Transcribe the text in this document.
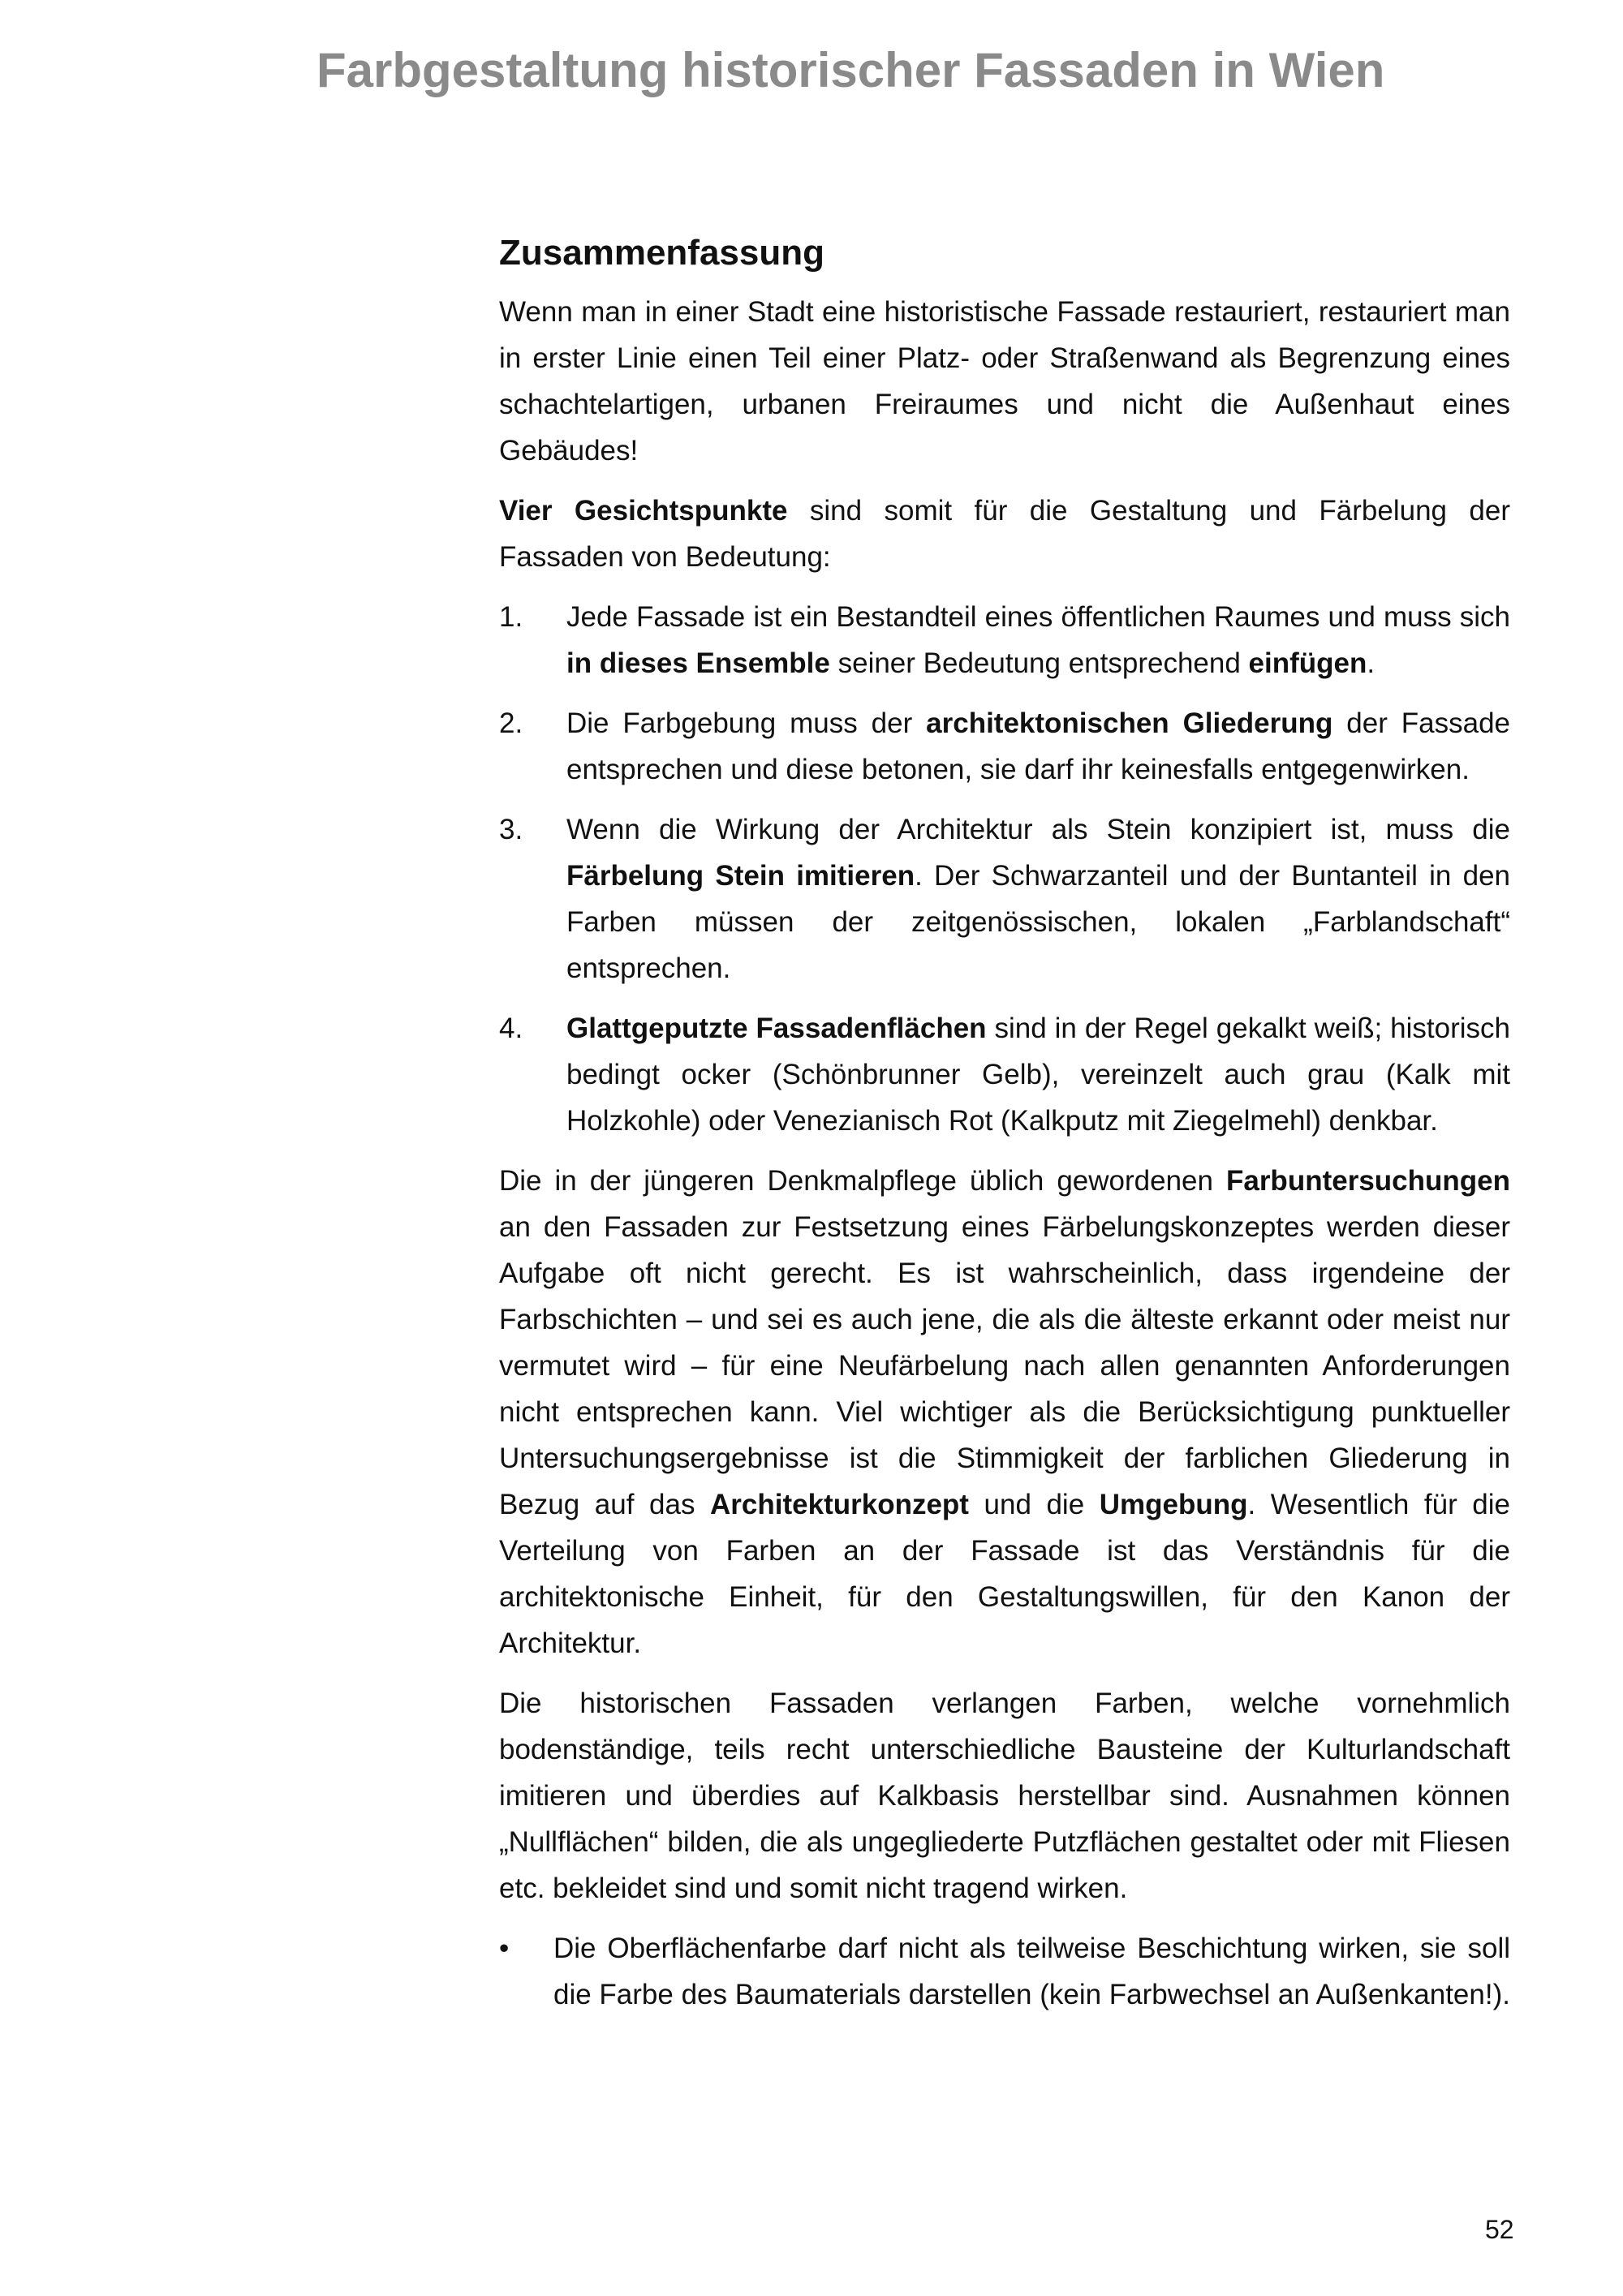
Farbgestaltung historischer Fassaden in Wien
Zusammenfassung

Wenn man in einer Stadt eine historistische Fassade restauriert, restauriert man in erster Linie einen Teil einer Platz- oder Straßenwand als Begrenzung eines schachtelartigen, urbanen Freiraumes und nicht die Außenhaut eines Gebäudes!

Vier Gesichtspunkte sind somit für die Gestaltung und Färbelung der Fassaden von Bedeutung:

1. Jede Fassade ist ein Bestandteil eines öffentlichen Raumes und muss sich in dieses Ensemble seiner Bedeutung entsprechend einfügen.
2. Die Farbgebung muss der architektonischen Gliederung der Fassade entsprechen und diese betonen, sie darf ihr keinesfalls entgegenwirken.
3. Wenn die Wirkung der Architektur als Stein konzipiert ist, muss die Färbelung Stein imitieren. Der Schwarzanteil und der Buntanteil in den Farben müssen der zeitgenössischen, lokalen „Farblandschaft“ entsprechen.
4. Glattgeputzte Fassadenflächen sind in der Regel gekalkt weiß; historisch bedingt ocker (Schönbrunner Gelb), vereinzelt auch grau (Kalk mit Holzkohle) oder Venezianisch Rot (Kalkputz mit Ziegelmehl) denkbar.

Die in der jüngeren Denkmalpflege üblich gewordenen Farbuntersuchungen an den Fassaden zur Festsetzung eines Färbelungskonzeptes werden dieser Aufgabe oft nicht gerecht. Es ist wahrscheinlich, dass irgendeine der Farbschichten – und sei es auch jene, die als die älteste erkannt oder meist nur vermutet wird – für eine Neufärbelung nach allen genannten Anforderungen nicht entsprechen kann. Viel wichtiger als die Berücksichtigung punktueller Untersuchungsergebnisse ist die Stimmigkeit der farblichen Gliederung in Bezug auf das Architekturkonzept und die Umgebung. Wesentlich für die Verteilung von Farben an der Fassade ist das Verständnis für die architektonische Einheit, für den Gestaltungswillen, für den Kanon der Architektur.

Die historischen Fassaden verlangen Farben, welche vornehmlich bodenständige, teils recht unterschiedliche Bausteine der Kulturlandschaft imitieren und überdies auf Kalkbasis herstellbar sind. Ausnahmen können „Nullflächen“ bilden, die als ungegliederte Putzflächen gestaltet oder mit Fliesen etc. bekleidet sind und somit nicht tragend wirken.

• Die Oberflächenfarbe darf nicht als teilweise Beschichtung wirken, sie soll die Farbe des Baumaterials darstellen (kein Farbwechsel an Außenkanten!).
52
